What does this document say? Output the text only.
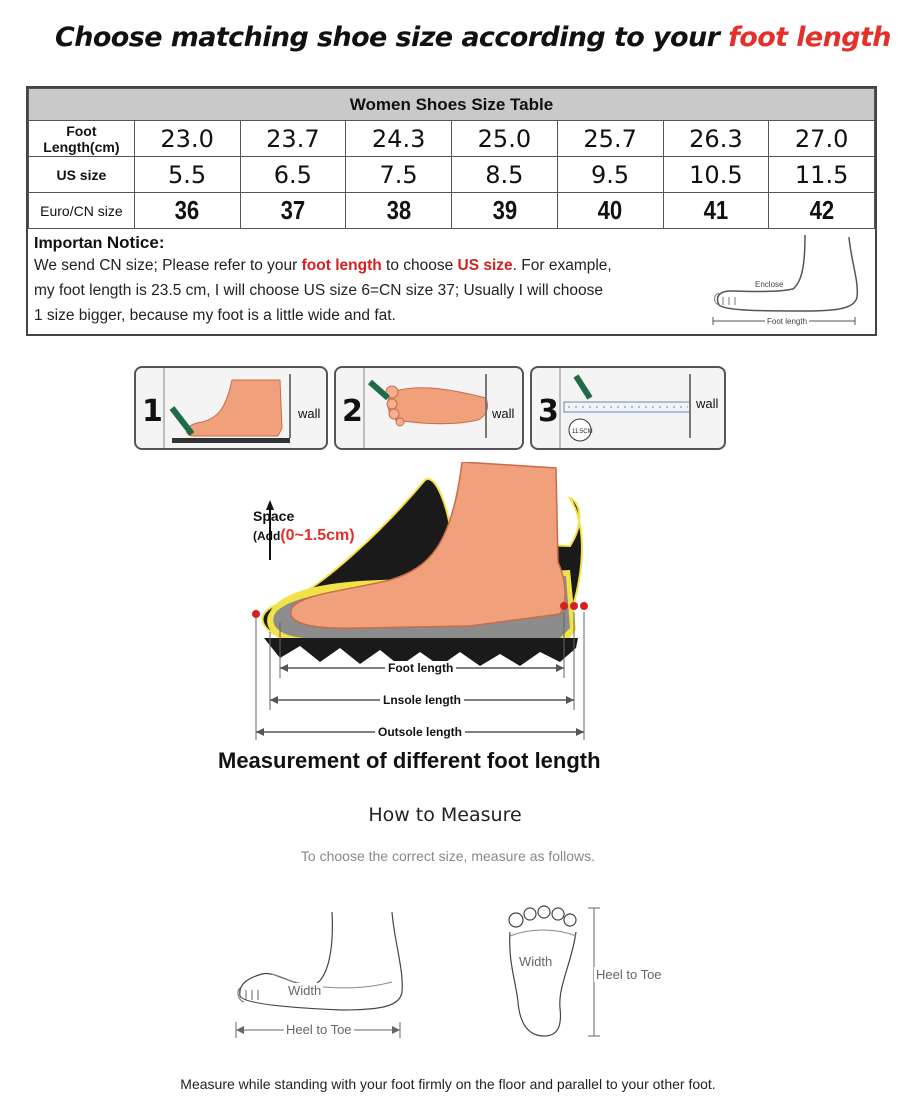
Choose matching shoe size according to your foot length
Women Shoes Size Table							
Foot Length(cm)	23.0	23.7	24.3	25.0	25.7	26.3	27.0
US size	5.5	6.5	7.5	8.5	9.5	10.5	11.5
Euro/CN size	36	37	38	39	40	41	42
Importan Notice:
We send CN size; Please refer to your foot length to choose US size. For example,
my foot length is 23.5 cm, I will choose US size 6=CN size 37; Usually I will choose
1 size bigger, because my foot is a little wide and fat.
Enclose
Foot length
1	wall 2	wall 3
11.5CM
wall
Space
(Add(0~1.5cm)
Foot length
Lnsole length
Outsole length
Measurement of different foot length
How to Measure
To choose the correct size, measure as follows.
Width
Heel to Toe
Width
Heel to Toe
Measure while standing with your foot firmly on the floor and parallel to your other foot.
